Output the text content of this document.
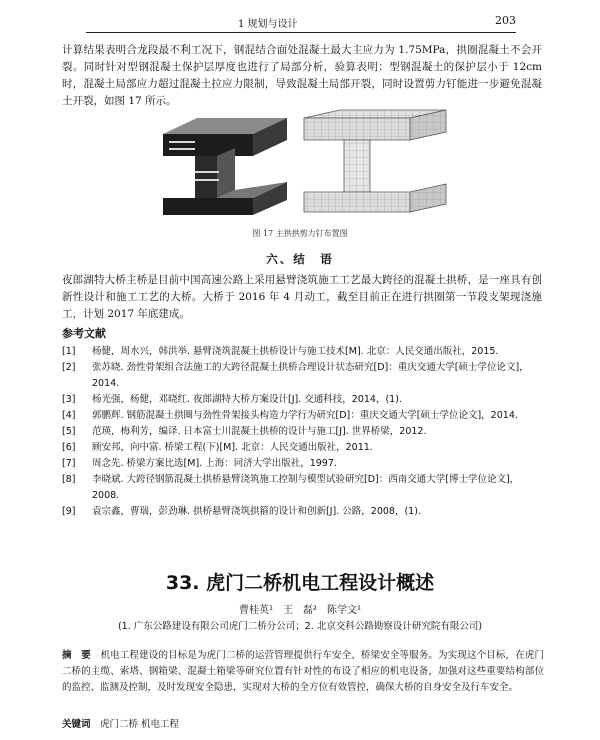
1 规划与设计	203
计算结果表明合龙段最不利工况下，钢混结合面处混凝土最大主应力为 1.75MPa，拱圈混凝土不会开裂。同时针对型钢混凝土保护层厚度也进行了局部分析，验算表明：型钢混凝土的保护层小于 12cm 时，混凝土局部应力超过混凝土拉应力限制，导致混凝土局部开裂，同时设置剪力钉能进一步避免混凝土开裂，如图 17 所示。
图 17 主拱拱剪力钉布置图
六、结　语
夜郎湖特大桥主桥是目前中国高速公路上采用悬臂浇筑施工工艺最大跨径的混凝土拱桥，是一座具有创新性设计和施工工艺的大桥。大桥于 2016 年 4 月动工，截至目前正在进行拱圈第一节段支架现浇施工，计划 2017 年底建成。
参考文献
[1] 杨健，周水兴，韩洪举. 悬臂浇筑混凝土拱桥设计与施工技术[M]. 北京：人民交通出版社，2015.
[2] 张苏晓. 劲性骨架组合法施工的大跨径混凝土拱桥合理设计状态研究[D]：重庆交通大学[硕士学位论文]，2014.
[3] 杨光强，杨健，邓晓红. 夜郎湖特大桥方案设计[J]. 交通科技，2014，(1).
[4] 郭鹏辉. 钢筋混凝土拱圈与劲性骨架接头构造力学行为研究[D]：重庆交通大学[硕士学位论文]，2014.
[5] 范瑛，梅利芳，编译. 日本富士川混凝土拱桥的设计与施工[J]. 世界桥梁，2012.
[6] 顾安邦，向中富. 桥梁工程(下)[M]. 北京：人民交通出版社，2011.
[7] 周念先. 桥梁方案比选[M]. 上海：同济大学出版社，1997.
[8] 李晓斌. 大跨径钢筋混凝土拱桥悬臂浇筑施工控制与模型试验研究[D]：西南交通大学[博士学位论文]，2008.
[9] 袁宗鑫，曹瑞，彭劲琳. 拱桥悬臂浇筑拱箍的设计和创新[J]. 公路，2008，(1).
33. 虎门二桥机电工程设计概述
曹桂英¹　王　磊²　陈学文¹
(1. 广东公路建设有限公司虎门二桥分公司；2. 北京交科公路勘察设计研究院有限公司)
摘　要　 机电工程建设的目标是为虎门二桥的运营管理提供行车安全、桥梁安全等服务。为实现这个目标，在虎门二桥的主缆、索塔、钢箱梁、混凝土箱梁等研究位置有针对性的布设了相应的机电设备，加强对这些重要结构部位的监控、监测及控制，及时发现安全隐患，实现对大桥的全方位有效管控，确保大桥的自身安全及行车安全。
关键词　 虎门二桥 机电工程
